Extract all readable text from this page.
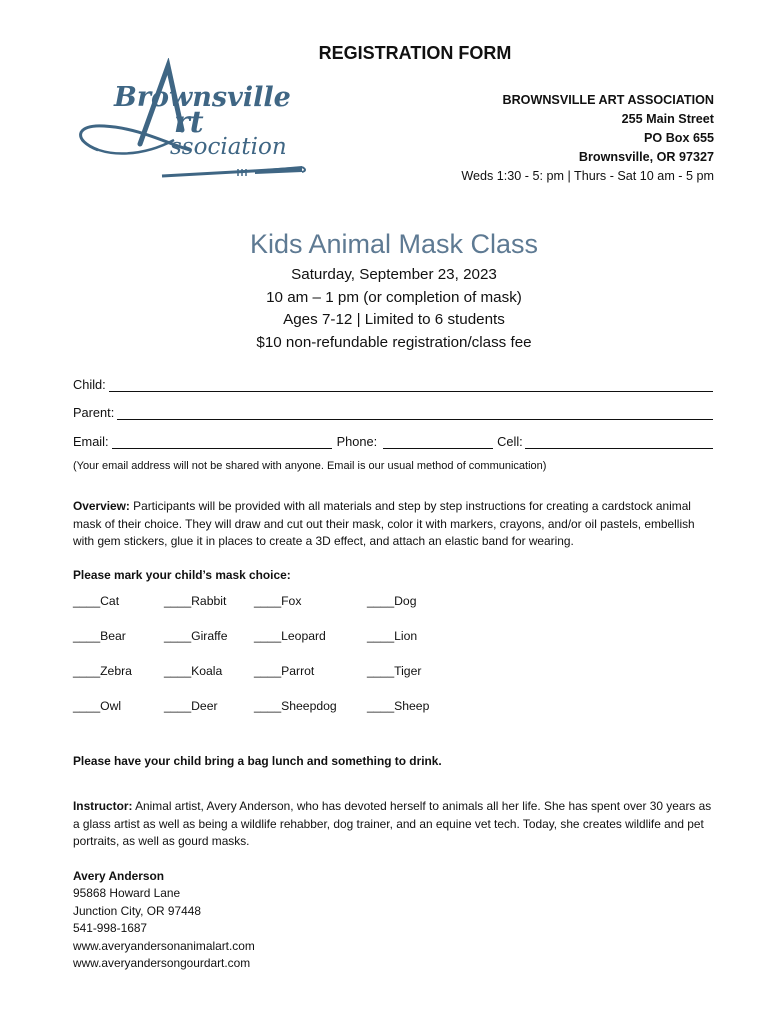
REGISTRATION FORM
Brownsville
rt
ssociation
BROWNSVILLE ART ASSOCIATION
255 Main Street
PO Box 655
Brownsville, OR 97327
Weds 1:30 - 5: pm | Thurs - Sat 10 am - 5 pm
Kids Animal Mask Class
Saturday, September 23, 2023
10 am – 1 pm (or completion of mask)
Ages 7-12 | Limited to 6 students
$10 non-refundable registration/class fee
Child:
Parent:
Email:	Phone:	Cell:
(Your email address will not be shared with anyone. Email is our usual method of communication)
Overview: Participants will be provided with all materials and step by step instructions for creating a cardstock animal mask of their choice. They will draw and cut out their mask, color it with markers, crayons, and/or oil pastels, embellish with gem stickers, glue it in places to create a 3D effect, and attach an elastic band for wearing.
Please mark your child’s mask choice:
____Cat	____Rabbit	____Fox	____Dog
____Bear	____Giraffe	____Leopard	____Lion
____Zebra	____Koala	____Parrot	____Tiger
____Owl	____Deer	____Sheepdog	____Sheep
Please have your child bring a bag lunch and something to drink.
Instructor: Animal artist, Avery Anderson, who has devoted herself to animals all her life. She has spent over 30 years as a glass artist as well as being a wildlife rehabber, dog trainer, and an equine vet tech. Today, she creates wildlife and pet portraits, as well as gourd masks.
Avery Anderson
95868 Howard Lane
Junction City, OR 97448
541-998-1687
www.averyandersonanimalart.com
www.averyandersongourdart.com
